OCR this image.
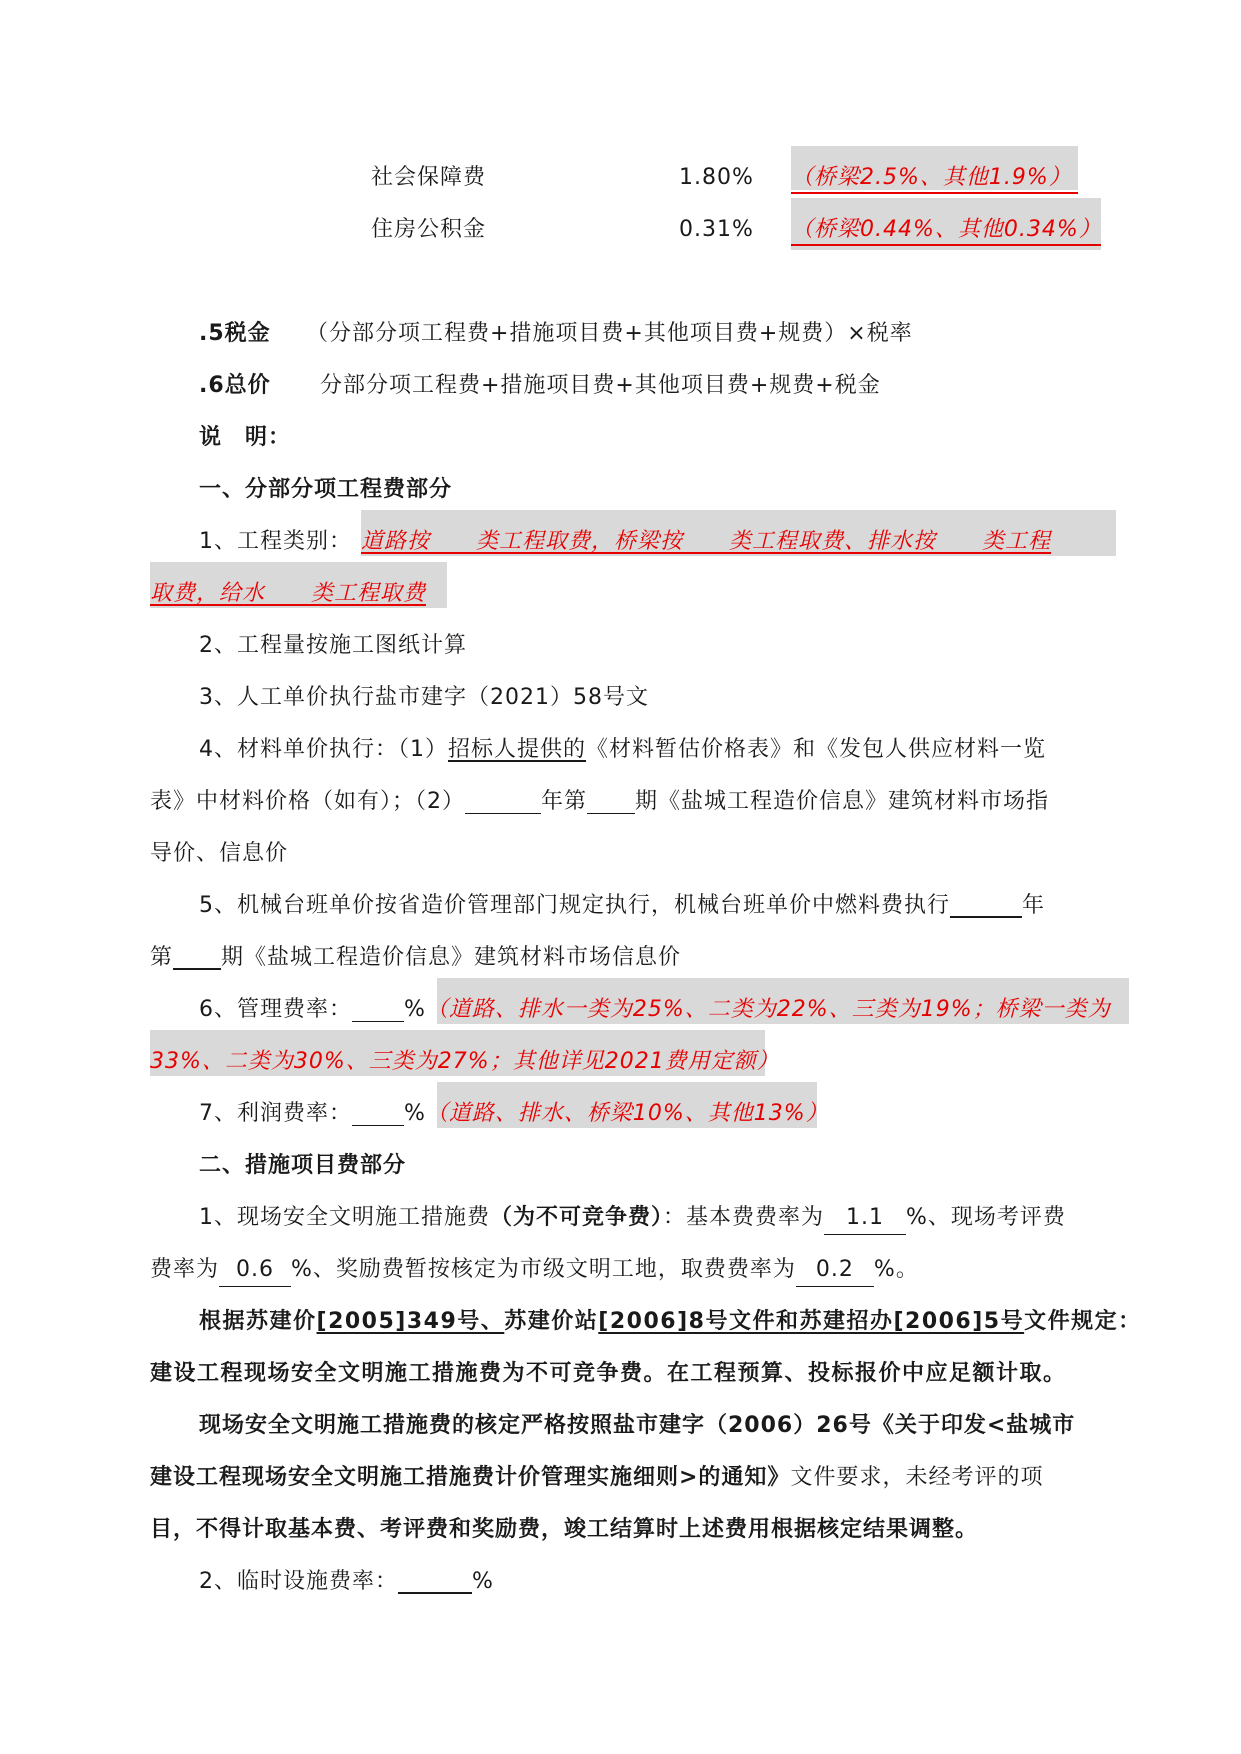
社会保障费	1.80% （桥梁2.5%、其他1.9%）
住房公积金	0.31% （桥梁0.44%、其他0.34%）
.5税金 （分部分项工程费+措施项目费+其他项目费+规费）×税率
.6总价 分部分项工程费+措施项目费+其他项目费+规费+税金
说　明：
一、分部分项工程费部分
1、工程类别： 道路按　　类工程取费，桥梁按　　类工程取费、排水按　　类工程
取费，给水　　类工程取费
2、工程量按施工图纸计算
3、人工单价执行盐市建字（2021）58号文
4、材料单价执行：（1）招标人提供的《材料暂估价格表》和《发包人供应材料一览
表》中材料价格（如有）；（2）	年第 期《盐城工程造价信息》建筑材料市场指
导价、信息价
5、机械台班单价按省造价管理部门规定执行，机械台班单价中燃料费执行	年
第 期《盐城工程造价信息》建筑材料市场信息价
6、管理费率： %（道路、排水一类为25%、二类为22%、三类为19%；桥梁一类为
33%、二类为30%、三类为27%；其他详见2021费用定额）
7、利润费率： %（道路、排水、桥梁10%、其他13%）
二、措施项目费部分
1、现场安全文明施工措施费（为不可竞争费）：基本费费率为 1.1 %、现场考评费
费率为 0.6 %、奖励费暂按核定为市级文明工地，取费费率为 0.2 %。
根据苏建价[2005]349号、苏建价站[2006]8号文件和苏建招办[2006]5号文件规定：
建设工程现场安全文明施工措施费为不可竞争费。在工程预算、投标报价中应足额计取。
现场安全文明施工措施费的核定严格按照盐市建字（2006）26号《关于印发<盐城市
建设工程现场安全文明施工措施费计价管理实施细则>的通知》文件要求，未经考评的项
目，不得计取基本费、考评费和奖励费，竣工结算时上述费用根据核定结果调整。
2、临时设施费率：	%
